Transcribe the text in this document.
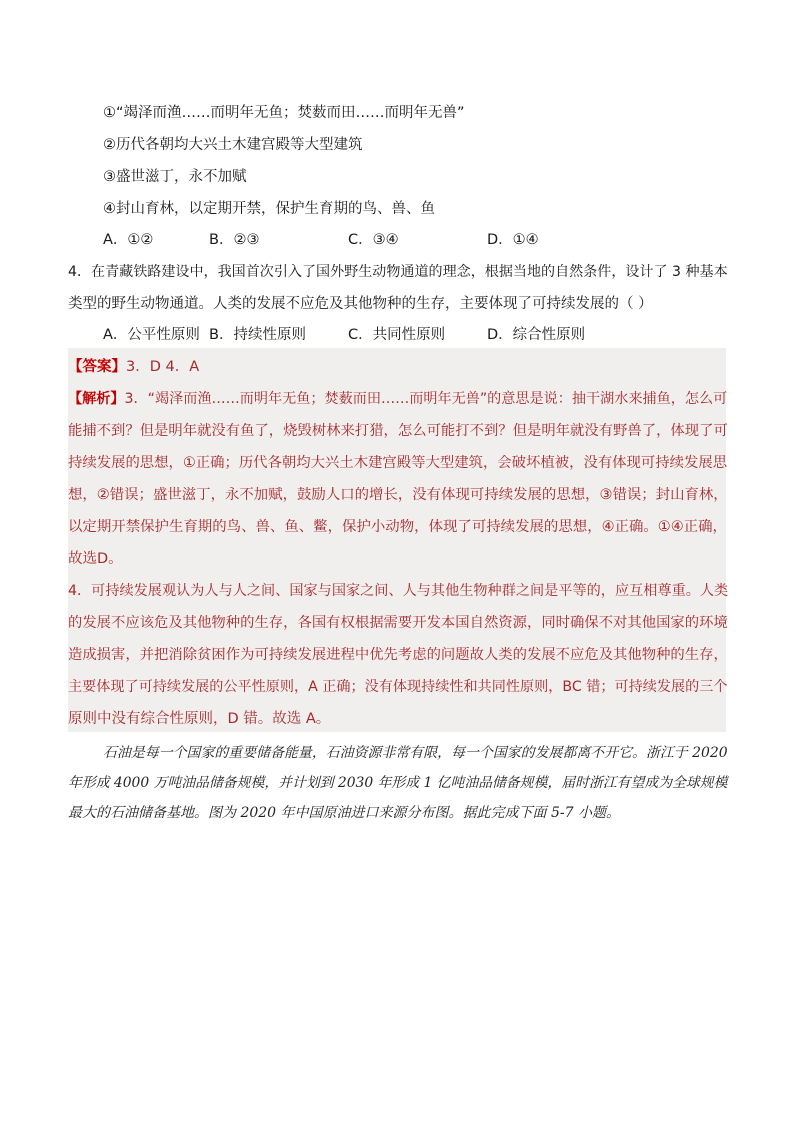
①“竭泽而渔……而明年无鱼；焚薮而田……而明年无兽”
②历代各朝均大兴土木建宫殿等大型建筑
③盛世滋丁，永不加赋
④封山育林，以定期开禁，保护生育期的鸟、兽、鱼
A．①②	B．②③	C．③④	D．①④
4．在青藏铁路建设中，我国首次引入了国外野生动物通道的理念，根据当地的自然条件，设计了 3 种基本
类型的野生动物通道。人类的发展不应危及其他物种的生存，主要体现了可持续发展的（ ）
A．公平性原则 B．持续性原则	C．共同性原则	D．综合性原则
【答案】3．D 4．A
【解析】3．“竭泽而渔……而明年无鱼；焚薮而田……而明年无兽”的意思是说：抽干湖水来捕鱼，怎么可
能捕不到？但是明年就没有鱼了，烧毁树林来打猎，怎么可能打不到？但是明年就没有野兽了，体现了可
持续发展的思想，①正确；历代各朝均大兴土木建宫殿等大型建筑，会破坏植被，没有体现可持续发展思
想，②错误；盛世滋丁，永不加赋，鼓励人口的增长，没有体现可持续发展的思想，③错误；封山育林，
以定期开禁保护生育期的鸟、兽、鱼、鳖，保护小动物，体现了可持续发展的思想，④正确。①④正确，
故选D。
4．可持续发展观认为人与人之间、国家与国家之间、人与其他生物种群之间是平等的，应互相尊重。人类
的发展不应该危及其他物种的生存，各国有权根据需要开发本国自然资源，同时确保不对其他国家的环境
造成损害，并把消除贫困作为可持续发展进程中优先考虑的问题故人类的发展不应危及其他物种的生存，
主要体现了可持续发展的公平性原则，A 正确；没有体现持续性和共同性原则，BC 错；可持续发展的三个
原则中没有综合性原则，D 错。故选 A。
石油是每一个国家的重要储备能量，石油资源非常有限，每一个国家的发展都离不开它。浙江于 2020
年形成 4000 万吨油品储备规模，并计划到 2030 年形成 1 亿吨油品储备规模，届时浙江有望成为全球规模
最大的石油储备基地。图为 2020 年中国原油进口来源分布图。据此完成下面 5-7 小题。
